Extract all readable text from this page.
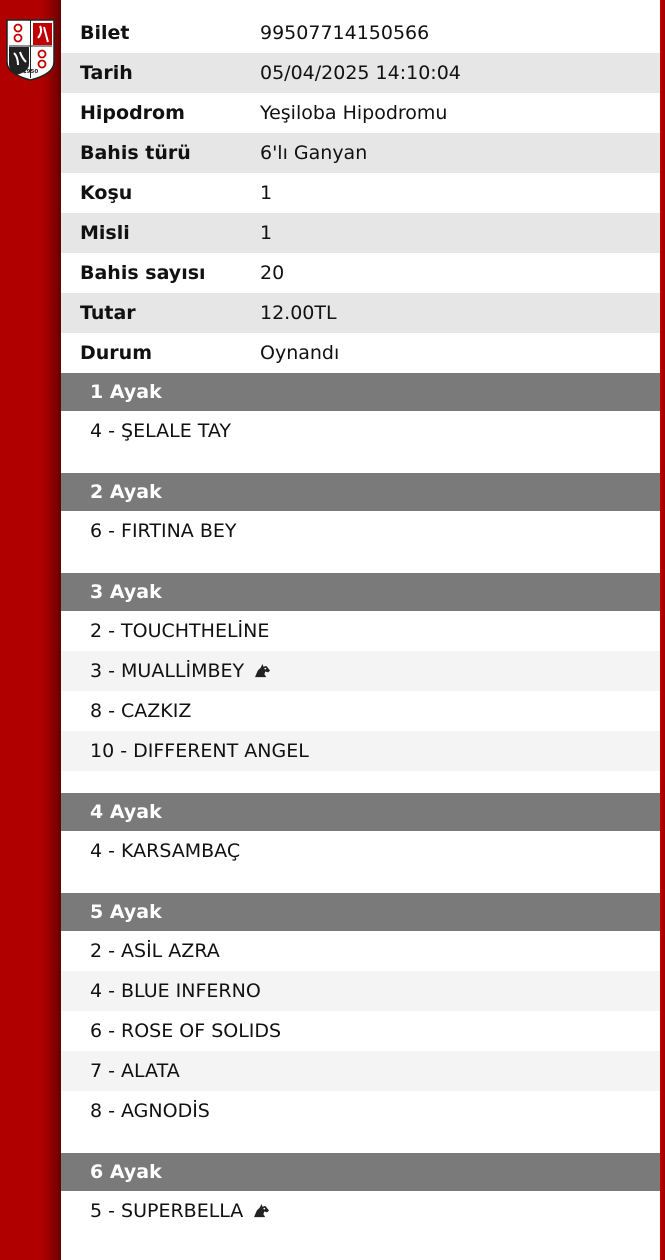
1950
Bilet	99507714150566
Tarih	05/04/2025 14:10:04
Hipodrom	Yeşiloba Hipodromu
Bahis türü	6'lı Ganyan
Koşu	1
Misli	1
Bahis sayısı	20
Tutar	12.00TL
Durum	Oynandı
1 Ayak
4 - ŞELALE TAY
2 Ayak
6 - FIRTINA BEY
3 Ayak
2 - TOUCHTHELİNE
3 - MUALLİMBEY
8 - CAZKIZ
10 - DIFFERENT ANGEL
4 Ayak
4 - KARSAMBAÇ
5 Ayak
2 - ASİL AZRA
4 - BLUE INFERNO
6 - ROSE OF SOLIDS
7 - ALATA
8 - AGNODİS
6 Ayak
5 - SUPERBELLA
